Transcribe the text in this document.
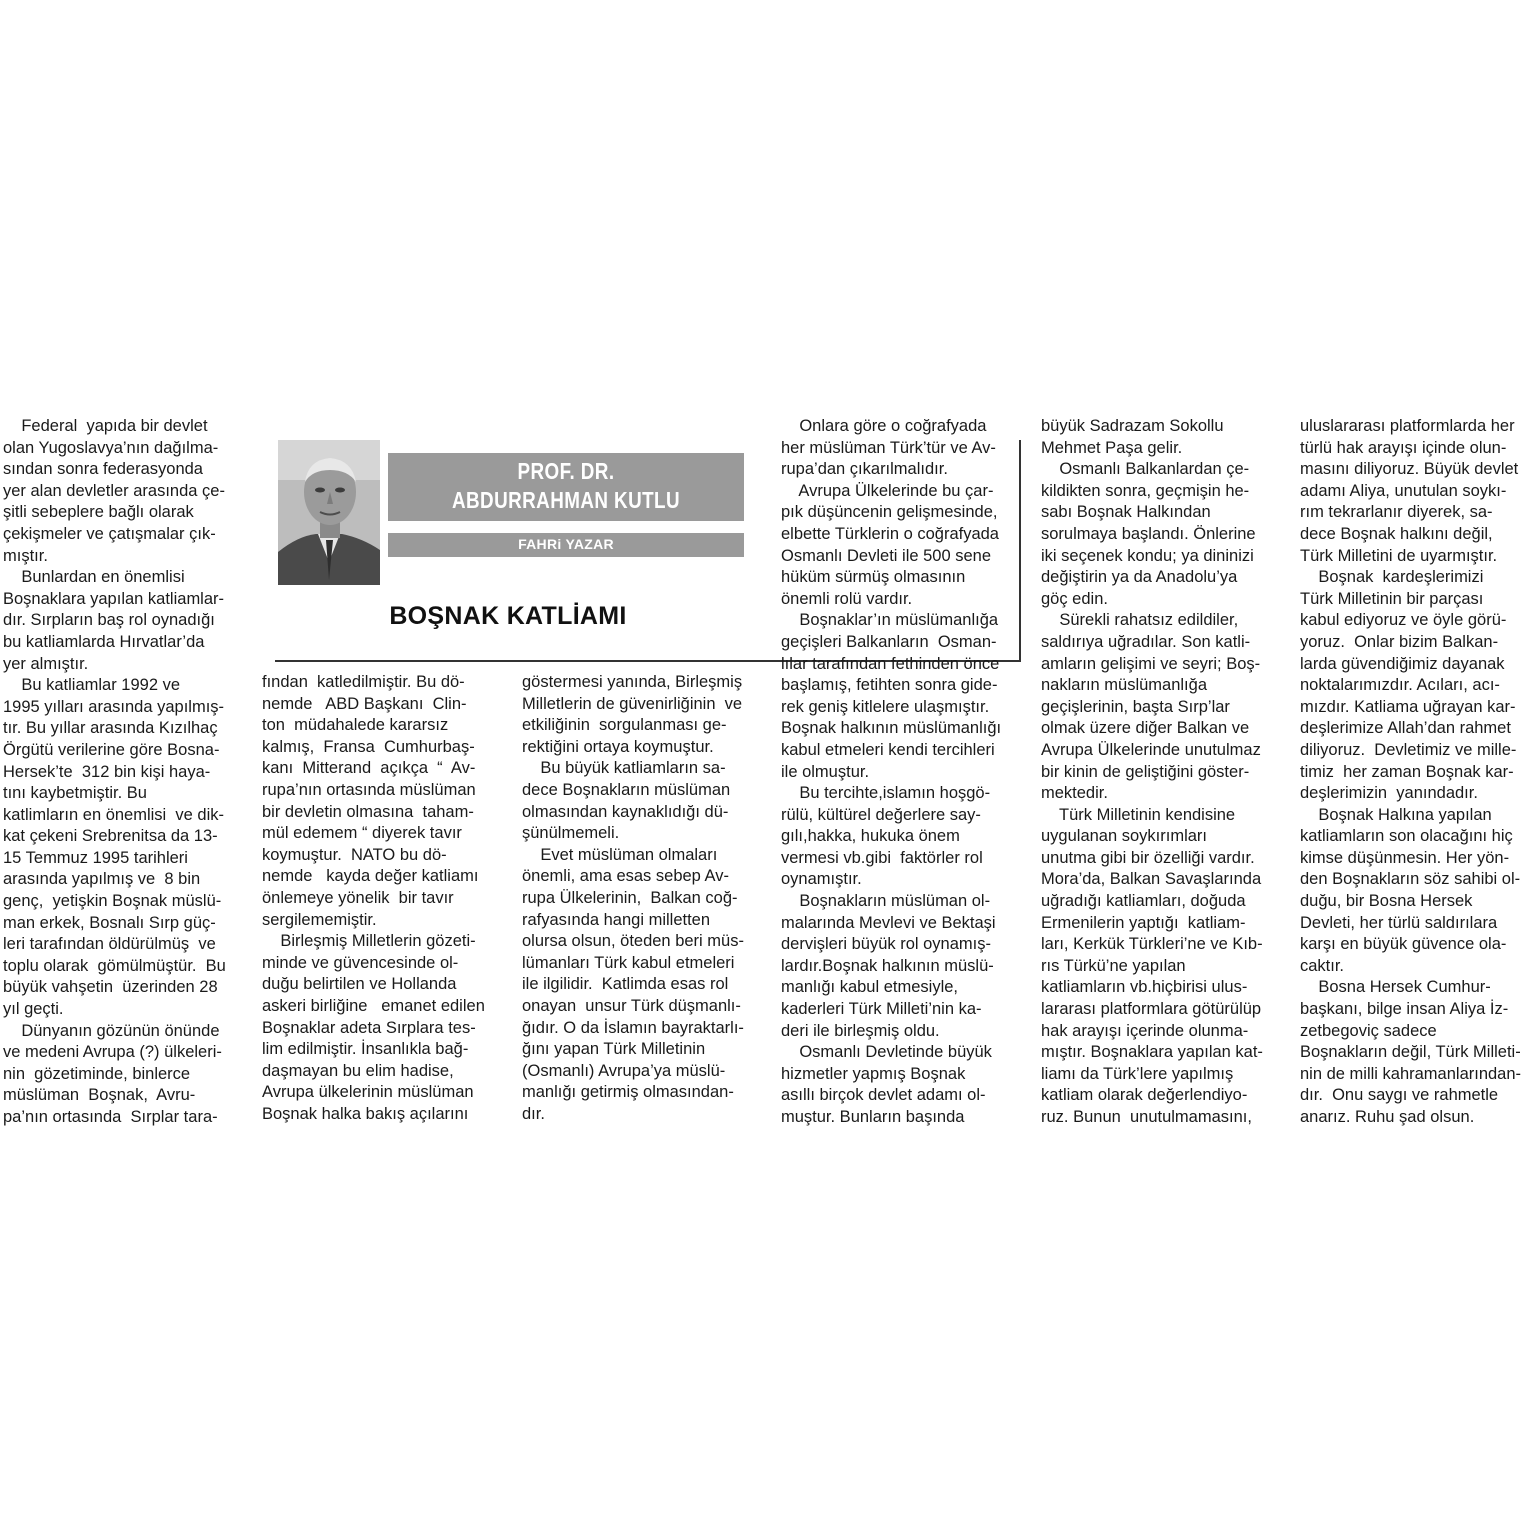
PROF. DR.
ABDURRAHMAN KUTLU
FAHRi YAZAR
BOŞNAK KATLİAMI
Federal  yapıda bir devlet
olan Yugoslavya’nın dağılma-
sından sonra federasyonda
yer alan devletler arasında çe-
şitli sebeplere bağlı olarak
çekişmeler ve çatışmalar çık-
mıştır.
Bunlardan en önemlisi
Boşnaklara yapılan katliamlar-
dır. Sırpların baş rol oynadığı
bu katliamlarda Hırvatlar’da
yer almıştır.
Bu katliamlar 1992 ve
1995 yılları arasında yapılmış-
tır. Bu yıllar arasında Kızılhaç
Örgütü verilerine göre Bosna-
Hersek’te  312 bin kişi haya-
tını kaybetmiştir. Bu
katlimların en önemlisi  ve dik-
kat çekeni Srebrenitsa da 13-
15 Temmuz 1995 tarihleri
arasında yapılmış ve  8 bin
genç,  yetişkin Boşnak müslü-
man erkek, Bosnalı Sırp güç-
leri tarafından öldürülmüş  ve
toplu olarak  gömülmüştür.  Bu
büyük vahşetin  üzerinden 28
yıl geçti.
Dünyanın gözünün önünde
ve medeni Avrupa (?) ülkeleri-
nin  gözetiminde, binlerce
müslüman  Boşnak,  Avru-
pa’nın ortasında  Sırplar tara-
fından  katledilmiştir. Bu dö-
nemde   ABD Başkanı  Clin-
ton  müdahalede kararsız
kalmış,  Fransa  Cumhurbaş-
kanı  Mitterand  açıkça  “  Av-
rupa’nın ortasında müslüman
bir devletin olmasına  taham-
mül edemem “ diyerek tavır
koymuştur.  NATO bu dö-
nemde   kayda değer katliamı
önlemeye yönelik  bir tavır
sergilememiştir.
Birleşmiş Milletlerin gözeti-
minde ve güvencesinde ol-
duğu belirtilen ve Hollanda
askeri birliğine   emanet edilen
Boşnaklar adeta Sırplara tes-
lim edilmiştir. İnsanlıkla bağ-
daşmayan bu elim hadise,
Avrupa ülkelerinin müslüman
Boşnak halka bakış açılarını
göstermesi yanında, Birleşmiş
Milletlerin de güvenirliğinin  ve
etkiliğinin  sorgulanması ge-
rektiğini ortaya koymuştur.
Bu büyük katliamların sa-
dece Boşnakların müslüman
olmasından kaynaklıdığı dü-
şünülmemeli.
Evet müslüman olmaları
önemli, ama esas sebep Av-
rupa Ülkelerinin,  Balkan coğ-
rafyasında hangi milletten
olursa olsun, öteden beri müs-
lümanları Türk kabul etmeleri
ile ilgilidir.  Katlimda esas rol
onayan  unsur Türk düşmanlı-
ğıdır. O da İslamın bayraktarlı-
ğını yapan Türk Milletinin
(Osmanlı) Avrupa’ya müslü-
manlığı getirmiş olmasından-
dır.
Onlara göre o coğrafyada
her müslüman Türk’tür ve Av-
rupa’dan çıkarılmalıdır.
Avrupa Ülkelerinde bu çar-
pık düşüncenin gelişmesinde,
elbette Türklerin o coğrafyada
Osmanlı Devleti ile 500 sene
hüküm sürmüş olmasının
önemli rolü vardır.
Boşnaklar’ın müslümanlığa
geçişleri Balkanların  Osman-
lılar tarafından fethinden önce
başlamış, fetihten sonra gide-
rek geniş kitlelere ulaşmıştır.
Boşnak halkının müslümanlığı
kabul etmeleri kendi tercihleri
ile olmuştur.
Bu tercihte,islamın hoşgö-
rülü, kültürel değerlere say-
gılı,hakka, hukuka önem
vermesi vb.gibi  faktörler rol
oynamıştır.
Boşnakların müslüman ol-
malarında Mevlevi ve Bektaşi
dervişleri büyük rol oynamış-
lardır.Boşnak halkının müslü-
manlığı kabul etmesiyle,
kaderleri Türk Milleti’nin ka-
deri ile birleşmiş oldu.
Osmanlı Devletinde büyük
hizmetler yapmış Boşnak
asıllı birçok devlet adamı ol-
muştur. Bunların başında
büyük Sadrazam Sokollu
Mehmet Paşa gelir.
Osmanlı Balkanlardan çe-
kildikten sonra, geçmişin he-
sabı Boşnak Halkından
sorulmaya başlandı. Önlerine
iki seçenek kondu; ya dininizi
değiştirin ya da Anadolu’ya
göç edin.
Sürekli rahatsız edildiler,
saldırıya uğradılar. Son katli-
amların gelişimi ve seyri; Boş-
nakların müslümanlığa
geçişlerinin, başta Sırp’lar
olmak üzere diğer Balkan ve
Avrupa Ülkelerinde unutulmaz
bir kinin de geliştiğini göster-
mektedir.
Türk Milletinin kendisine
uygulanan soykırımları
unutma gibi bir özelliği vardır.
Mora’da, Balkan Savaşlarında
uğradığı katliamları, doğuda
Ermenilerin yaptığı  katliam-
ları, Kerkük Türkleri’ne ve Kıb-
rıs Türkü’ne yapılan
katliamların vb.hiçbirisi ulus-
lararası platformlara götürülüp
hak arayışı içerinde olunma-
mıştır. Boşnaklara yapılan kat-
liamı da Türk’lere yapılmış
katliam olarak değerlendiyo-
ruz. Bunun  unutulmamasını,
uluslararası platformlarda her
türlü hak arayışı içinde olun-
masını diliyoruz. Büyük devlet
adamı Aliya, unutulan soykı-
rım tekrarlanır diyerek, sa-
dece Boşnak halkını değil,
Türk Milletini de uyarmıştır.
Boşnak  kardeşlerimizi
Türk Milletinin bir parçası
kabul ediyoruz ve öyle görü-
yoruz.  Onlar bizim Balkan-
larda güvendiğimiz dayanak
noktalarımızdır. Acıları, acı-
mızdır. Katliama uğrayan kar-
deşlerimize Allah’dan rahmet
diliyoruz.  Devletimiz ve mille-
timiz  her zaman Boşnak kar-
deşlerimizin  yanındadır.
Boşnak Halkına yapılan
katliamların son olacağını hiç
kimse düşünmesin. Her yön-
den Boşnakların söz sahibi ol-
duğu, bir Bosna Hersek
Devleti, her türlü saldırılara
karşı en büyük güvence ola-
caktır.
Bosna Hersek Cumhur-
başkanı, bilge insan Aliya İz-
zetbegoviç sadece
Boşnakların değil, Türk Milleti-
nin de milli kahramanlarından-
dır.  Onu saygı ve rahmetle
anarız. Ruhu şad olsun.
